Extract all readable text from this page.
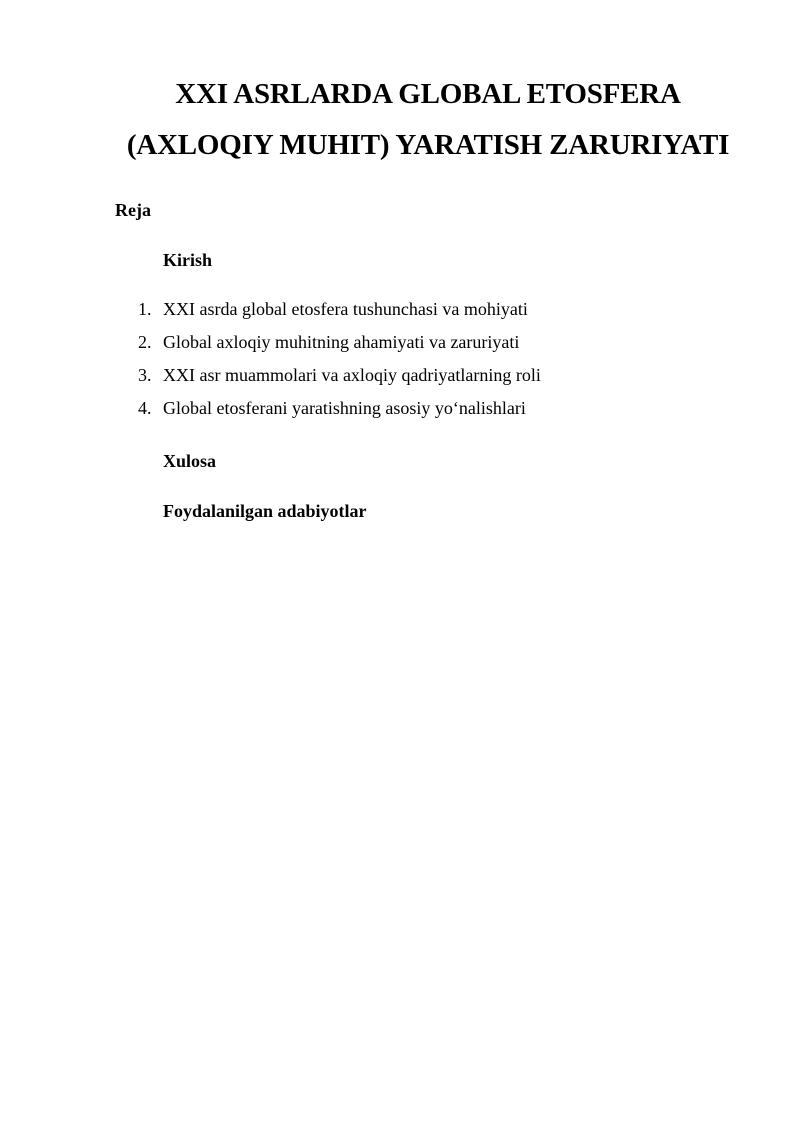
XXI ASRLARDA GLOBAL ETOSFERA
(AXLOQIY MUHIT) YARATISH ZARURIYATI
Reja
Kirish
1. XXI asrda global etosfera tushunchasi va mohiyati
2. Global axloqiy muhitning ahamiyati va zaruriyati
3. XXI asr muammolari va axloqiy qadriyatlarning roli
4. Global etosferani yaratishning asosiy yo‘nalishlari
Xulosa
Foydalanilgan adabiyotlar
